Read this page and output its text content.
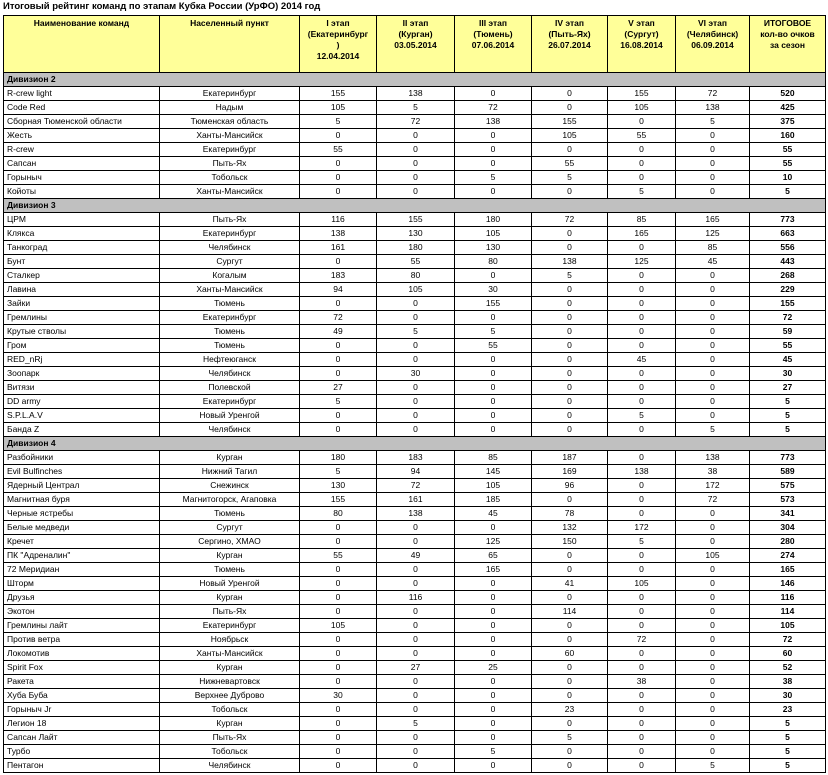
Итоговый рейтинг команд по этапам Кубка России (УрФО) 2014 год
Наименование команд	Населенный пункт	I этап
(Екатеринбург
)
12.04.2014	II этап
(Курган)
03.05.2014	III этап
(Тюмень)
07.06.2014	IV этап
(Пыть-Ях)
26.07.2014	V этап
(Сургут)
16.08.2014	VI этап
(Челябинск)
06.09.2014	ИТОГОВОЕ
кол-во очков
за сезон

Дивизион 2								
R-crew light	Екатеринбург	155	138	0	0	155	72	520
Code Red	Надым	105	5	72	0	105	138	425
Сборная Тюменской области	Тюменская область	5	72	138	155	0	5	375
Жесть	Ханты-Мансийск	0	0	0	105	55	0	160
R-crew	Екатеринбург	55	0	0	0	0	0	55
Сапсан	Пыть-Ях	0	0	0	55	0	0	55
Горыныч	Тобольск	0	0	5	5	0	0	10
Койоты	Ханты-Мансийск	0	0	0	0	5	0	5
Дивизион 3								
ЦРМ	Пыть-Ях	116	155	180	72	85	165	773
Клякса	Екатеринбург	138	130	105	0	165	125	663
Танкоград	Челябинск	161	180	130	0	0	85	556
Бунт	Сургут	0	55	80	138	125	45	443
Сталкер	Когалым	183	80	0	5	0	0	268
Лавина	Ханты-Мансийск	94	105	30	0	0	0	229
Зайки	Тюмень	0	0	155	0	0	0	155
Гремлины	Екатеринбург	72	0	0	0	0	0	72
Крутые стволы	Тюмень	49	5	5	0	0	0	59
Гром	Тюмень	0	0	55	0	0	0	55
RED_nRj	Нефтеюганск	0	0	0	0	45	0	45
Зоопарк	Челябинск	0	30	0	0	0	0	30
Витязи	Полевской	27	0	0	0	0	0	27
DD army	Екатеринбург	5	0	0	0	0	0	5
S.P.L.A.V	Новый Уренгой	0	0	0	0	5	0	5
Банда Z	Челябинск	0	0	0	0	0	5	5
Дивизион 4								
Разбойники	Курган	180	183	85	187	0	138	773
Evil Bulfinches	Нижний Тагил	5	94	145	169	138	38	589
Ядерный Централ	Снежинск	130	72	105	96	0	172	575
Магнитная буря	Магнитогорск, Агаповка	155	161	185	0	0	72	573
Черные ястребы	Тюмень	80	138	45	78	0	0	341
Белые медведи	Сургут	0	0	0	132	172	0	304
Кречет	Сергино, ХМАО	0	0	125	150	5	0	280
ПК "Адреналин"	Курган	55	49	65	0	0	105	274
72 Меридиан	Тюмень	0	0	165	0	0	0	165
Шторм	Новый Уренгой	0	0	0	41	105	0	146
Друзья	Курган	0	116	0	0	0	0	116
Экотон	Пыть-Ях	0	0	0	114	0	0	114
Гремлины лайт	Екатеринбург	105	0	0	0	0	0	105
Против ветра	Ноябрьск	0	0	0	0	72	0	72
Локомотив	Ханты-Мансийск	0	0	0	60	0	0	60
Spirit Fox	Курган	0	27	25	0	0	0	52
Ракета	Нижневартовск	0	0	0	0	38	0	38
Хуба Буба	Верхнее Дуброво	30	0	0	0	0	0	30
Горыныч Jr	Тобольск	0	0	0	23	0	0	23
Легион 18	Курган	0	5	0	0	0	0	5
Сапсан Лайт	Пыть-Ях	0	0	0	5	0	0	5
Турбо	Тобольск	0	0	5	0	0	0	5
Пентагон	Челябинск	0	0	0	0	0	5	5
